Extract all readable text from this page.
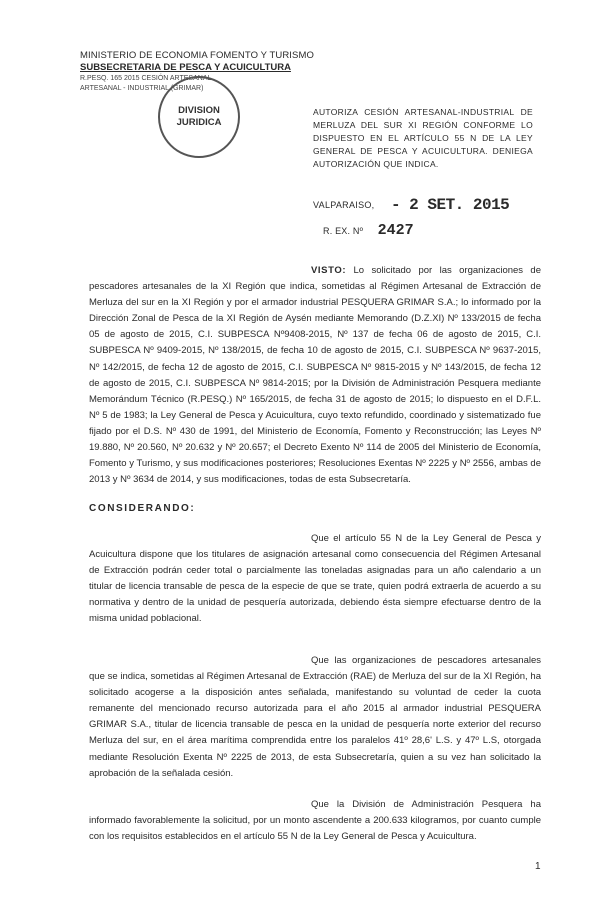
MINISTERIO DE ECONOMIA FOMENTO Y TURISMO
SUBSECRETARIA DE PESCA Y ACUICULTURA
R.PESQ. 165 2015 CESIÓN ARTESANAL
ARTESANAL - INDUSTRIAL (GRIMAR)
DIVISION
JURIDICA
AUTORIZA CESIÓN ARTESANAL-INDUSTRIAL DE MERLUZA DEL SUR XI REGIÓN CONFORME LO DISPUESTO EN EL ARTÍCULO 55 N DE LA LEY GENERAL DE PESCA Y ACUICULTURA. DENIEGA AUTORIZACIÓN QUE INDICA.
VALPARAISO, - 2 SET. 2015
R. EX. Nº 2427
VISTO: Lo solicitado por las organizaciones de pescadores artesanales de la XI Región que indica, sometidas al Régimen Artesanal de Extracción de Merluza del sur en la XI Región y por el armador industrial PESQUERA GRIMAR S.A.; lo informado por la Dirección Zonal de Pesca de la XI Región de Aysén mediante Memorando (D.Z.XI) Nº 133/2015 de fecha 05 de agosto de 2015, C.I. SUBPESCA Nº9408-2015, Nº 137 de fecha 06 de agosto de 2015, C.I. SUBPESCA Nº 9409-2015, Nº 138/2015, de fecha 10 de agosto de 2015, C.I. SUBPESCA Nº 9637-2015, Nº 142/2015, de fecha 12 de agosto de 2015, C.I. SUBPESCA Nº 9815-2015 y Nº 143/2015, de fecha 12 de agosto de 2015, C.I. SUBPESCA Nº 9814-2015; por la División de Administración Pesquera mediante Memorándum Técnico (R.PESQ.) Nº 165/2015, de fecha 31 de agosto de 2015; lo dispuesto en el D.F.L. Nº 5 de 1983; la Ley General de Pesca y Acuicultura, cuyo texto refundido, coordinado y sistematizado fue fijado por el D.S. Nº 430 de 1991, del Ministerio de Economía, Fomento y Reconstrucción; las Leyes Nº 19.880, Nº 20.560, Nº 20.632 y Nº 20.657; el Decreto Exento Nº 114 de 2005 del Ministerio de Economía, Fomento y Turismo, y sus modificaciones posteriores; Resoluciones Exentas Nº 2225 y Nº 2556, ambas de 2013 y Nº 3634 de 2014, y sus modificaciones, todas de esta Subsecretaría.
CONSIDERANDO:
Que el artículo 55 N de la Ley General de Pesca y Acuicultura dispone que los titulares de asignación artesanal como consecuencia del Régimen Artesanal de Extracción podrán ceder total o parcialmente las toneladas asignadas para un año calendario a un titular de licencia transable de pesca de la especie de que se trate, quien podrá extraerla de acuerdo a su normativa y dentro de la unidad de pesquería autorizada, debiendo ésta siempre efectuarse dentro de la misma unidad poblacional.
Que las organizaciones de pescadores artesanales que se indica, sometidas al Régimen Artesanal de Extracción (RAE) de Merluza del sur de la XI Región, ha solicitado acogerse a la disposición antes señalada, manifestando su voluntad de ceder la cuota remanente del mencionado recurso autorizada para el año 2015 al armador industrial PESQUERA GRIMAR S.A., titular de licencia transable de pesca en la unidad de pesquería norte exterior del recurso Merluza del sur, en el área marítima comprendida entre los paralelos 41º 28,6' L.S. y 47º L.S, otorgada mediante Resolución Exenta Nº 2225 de 2013, de esta Subsecretaría, quien a su vez han solicitado la aprobación de la señalada cesión.
Que la División de Administración Pesquera ha informado favorablemente la solicitud, por un monto ascendente a 200.633 kilogramos, por cuanto cumple con los requisitos establecidos en el artículo 55 N de la Ley General de Pesca y Acuicultura.
1
